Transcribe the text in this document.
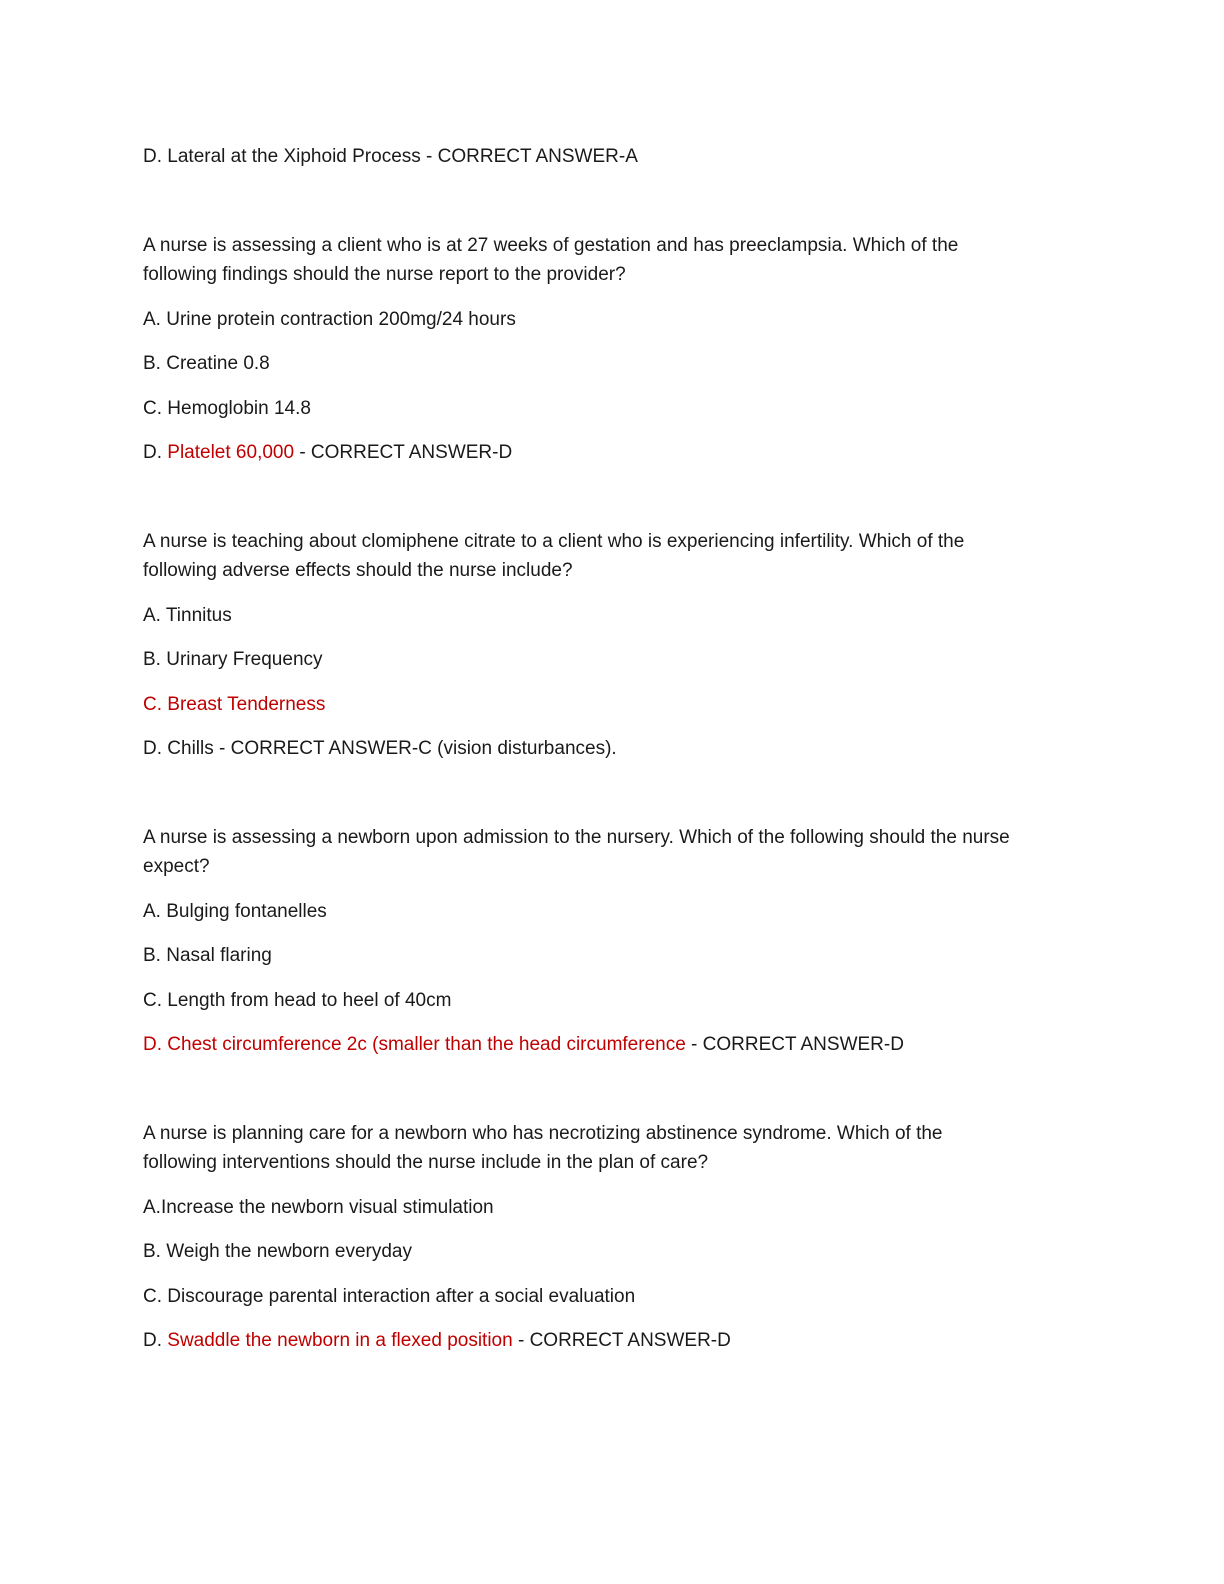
D. Lateral at the Xiphoid Process - CORRECT ANSWER-A
A nurse is assessing a client who is at 27 weeks of gestation and has preeclampsia. Which of the
following findings should the nurse report to the provider?
A. Urine protein contraction 200mg/24 hours
B. Creatine 0.8
C. Hemoglobin 14.8
D. Platelet 60,000 - CORRECT ANSWER-D
A nurse is teaching about clomiphene citrate to a client who is experiencing infertility. Which of the
following adverse effects should the nurse include?
A. Tinnitus
B. Urinary Frequency
C. Breast Tenderness
D. Chills - CORRECT ANSWER-C (vision disturbances).
A nurse is assessing a newborn upon admission to the nursery. Which of the following should the nurse
expect?
A. Bulging fontanelles
B. Nasal flaring
C. Length from head to heel of 40cm
D. Chest circumference 2c (smaller than the head circumference - CORRECT ANSWER-D
A nurse is planning care for a newborn who has necrotizing abstinence syndrome. Which of the
following interventions should the nurse include in the plan of care?
A.Increase the newborn visual stimulation
B. Weigh the newborn everyday
C. Discourage parental interaction after a social evaluation
D. Swaddle the newborn in a flexed position - CORRECT ANSWER-D
